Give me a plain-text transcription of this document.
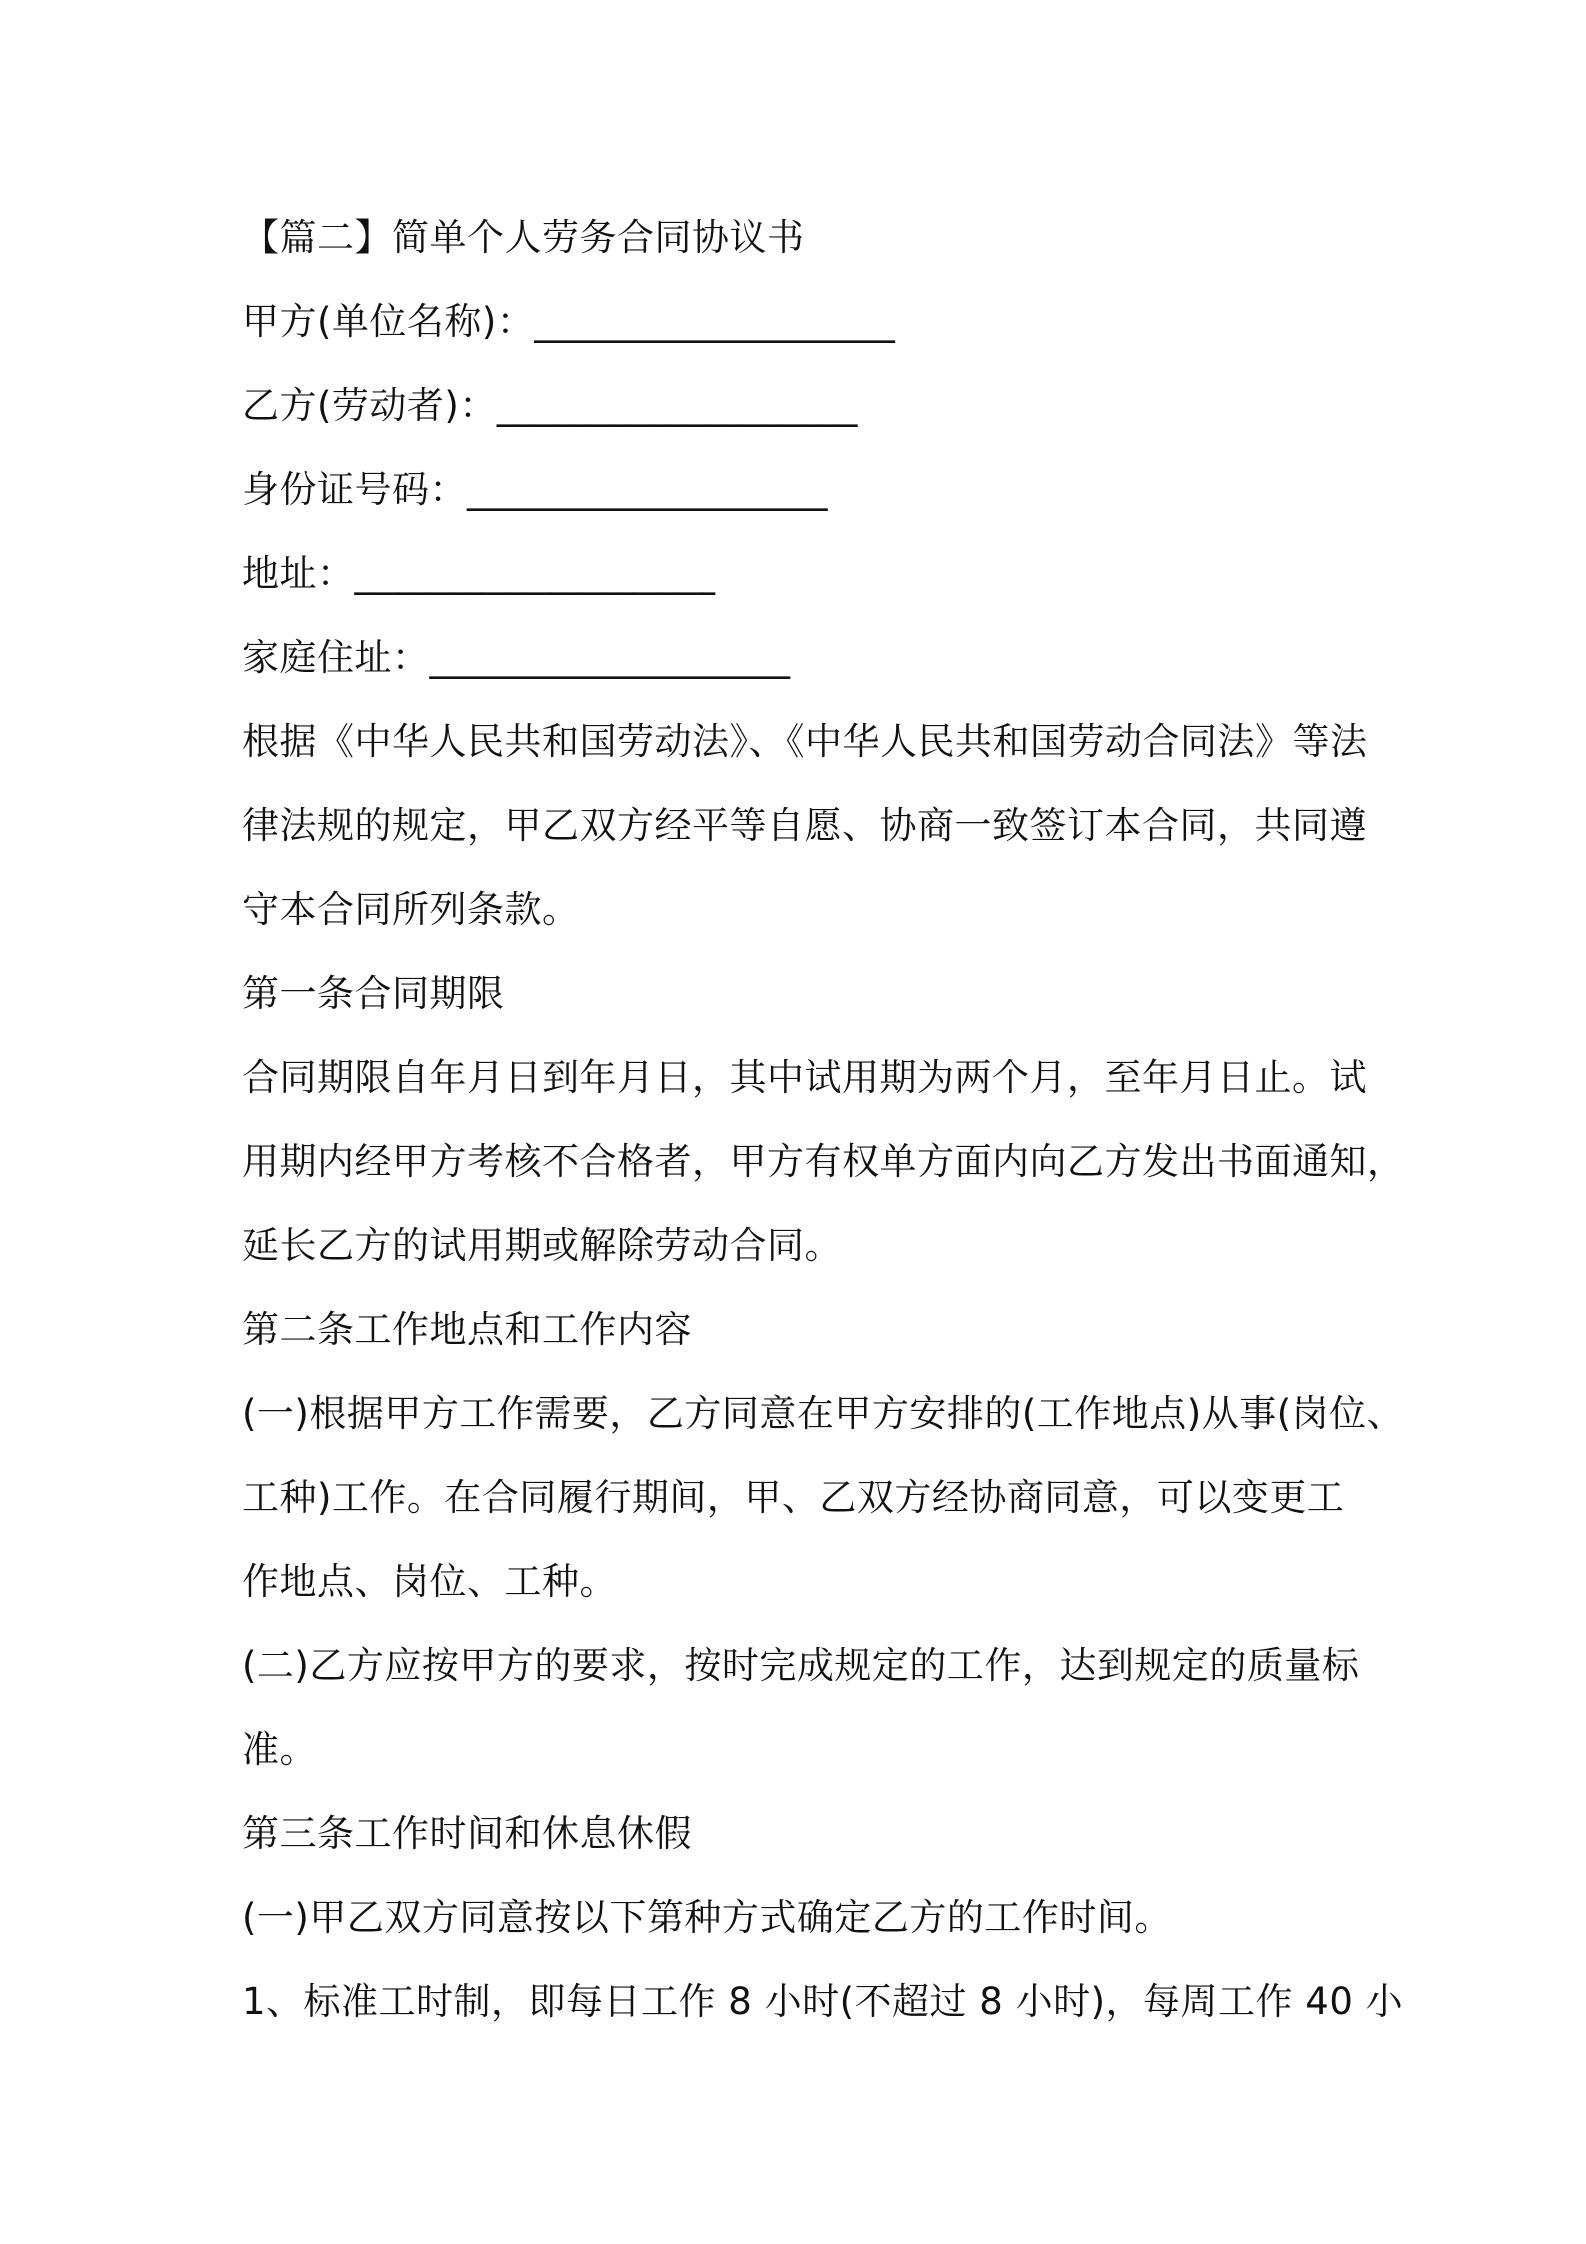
【篇二】简单个人劳务合同协议书
甲方(单位名称)：___________________
乙方(劳动者)：___________________
身份证号码：___________________
地址：___________________
家庭住址：___________________
根据《中华人民共和国劳动法》、《中华人民共和国劳动合同法》等法
律法规的规定，甲乙双方经平等自愿、协商一致签订本合同，共同遵
守本合同所列条款。
第一条合同期限
合同期限自年月日到年月日，其中试用期为两个月，至年月日止。试
用期内经甲方考核不合格者，甲方有权单方面内向乙方发出书面通知，
延长乙方的试用期或解除劳动合同。
第二条工作地点和工作内容
(一)根据甲方工作需要，乙方同意在甲方安排的(工作地点)从事(岗位、
工种)工作。在合同履行期间，甲、乙双方经协商同意，可以变更工
作地点、岗位、工种。
(二)乙方应按甲方的要求，按时完成规定的工作，达到规定的质量标
准。
第三条工作时间和休息休假
(一)甲乙双方同意按以下第种方式确定乙方的工作时间。
1、标准工时制，即每日工作 8 小时(不超过 8 小时)，每周工作 40 小
